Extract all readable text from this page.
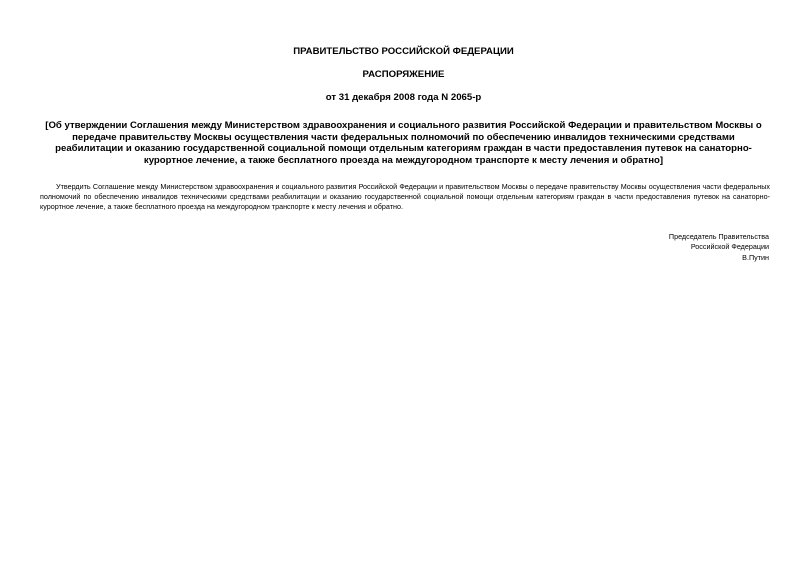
ПРАВИТЕЛЬСТВО РОССИЙСКОЙ ФЕДЕРАЦИИ

РАСПОРЯЖЕНИЕ

от 31 декабря 2008 года N 2065-р

[Об утверждении Соглашения между Министерством здравоохранения и социального развития Российской Федерации и правительством Москвы о передаче правительству Москвы осуществления части федеральных полномочий по обеспечению инвалидов техническими средствами реабилитации и оказанию государственной социальной помощи отдельным категориям граждан в части предоставления путевок на санаторно-курортное лечение, а также бесплатного проезда на междугородном транспорте к месту лечения и обратно]

Утвердить Соглашение между Министерством здравоохранения и социального развития Российской Федерации и правительством Москвы о передаче правительству Москвы осуществления части федеральных полномочий по обеспечению инвалидов техническими средствами реабилитации и оказанию государственной социальной помощи отдельным категориям граждан в части предоставления путевок на санаторно-курортное лечение, а также бесплатного проезда на междугородном транспорте к месту лечения и обратно.

Председатель Правительства
Российской Федерации
В.Путин
